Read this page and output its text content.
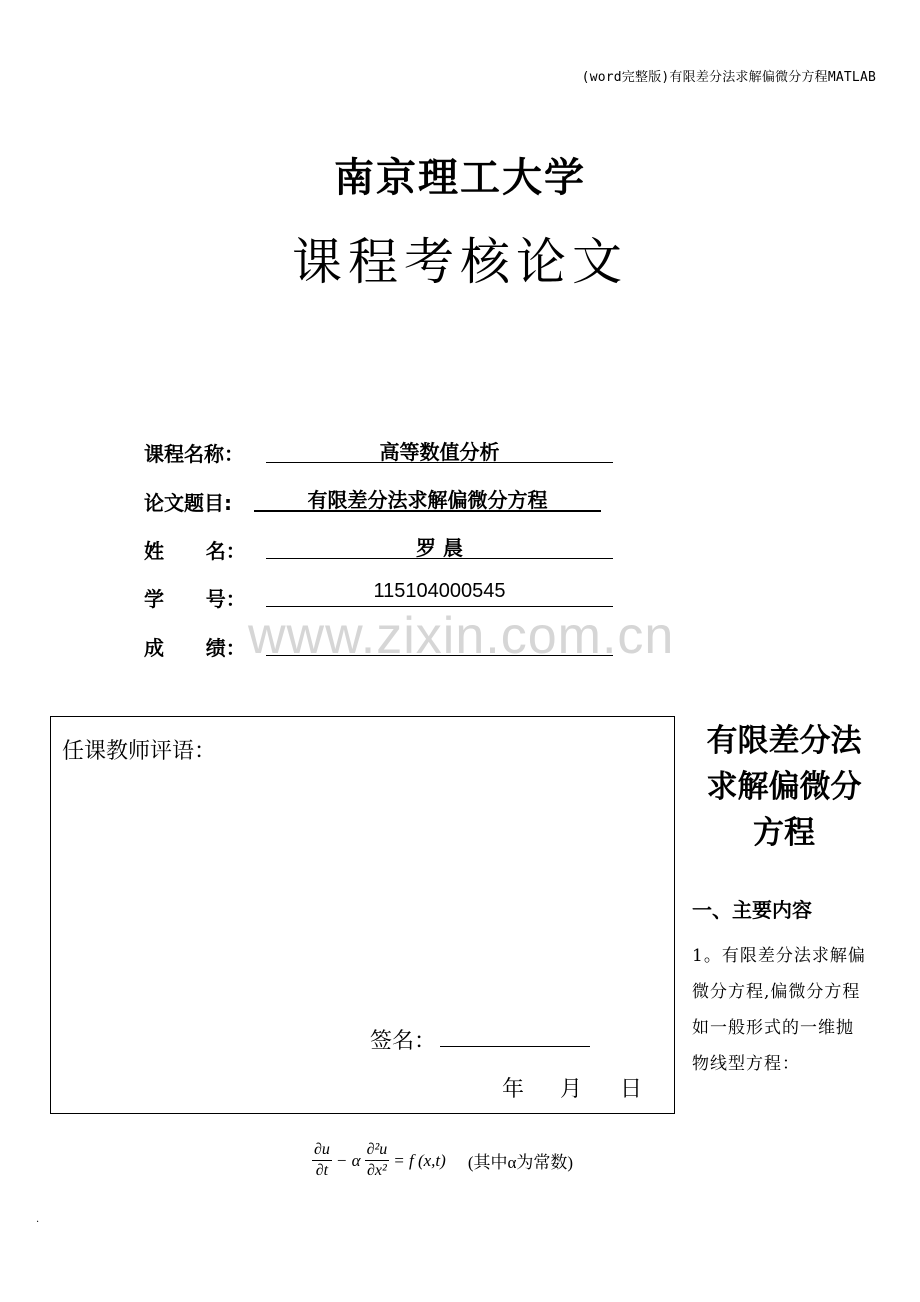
(word完整版)有限差分法求解偏微分方程MATLAB
南京理工大学
课程考核论文
课程名称：	高等数值分析
论文题目:	有限差分法求解偏微分方程
姓      名：	罗 晨
学      号：	115104000545
成      绩： www.zixin.com.cn
任课教师评语：
签名：
年 月 日
有限差分法
求解偏微分
方程
一、主要内容
1。有限差分法求解偏
微分方程,偏微分方程
如一般形式的一维抛
物线型方程：
$\frac{\partial u}{\partial t} - \alpha \frac{\text{∂²u}}{\text{∂x²}} = f$ (x,t) (其中α为常数)
.
